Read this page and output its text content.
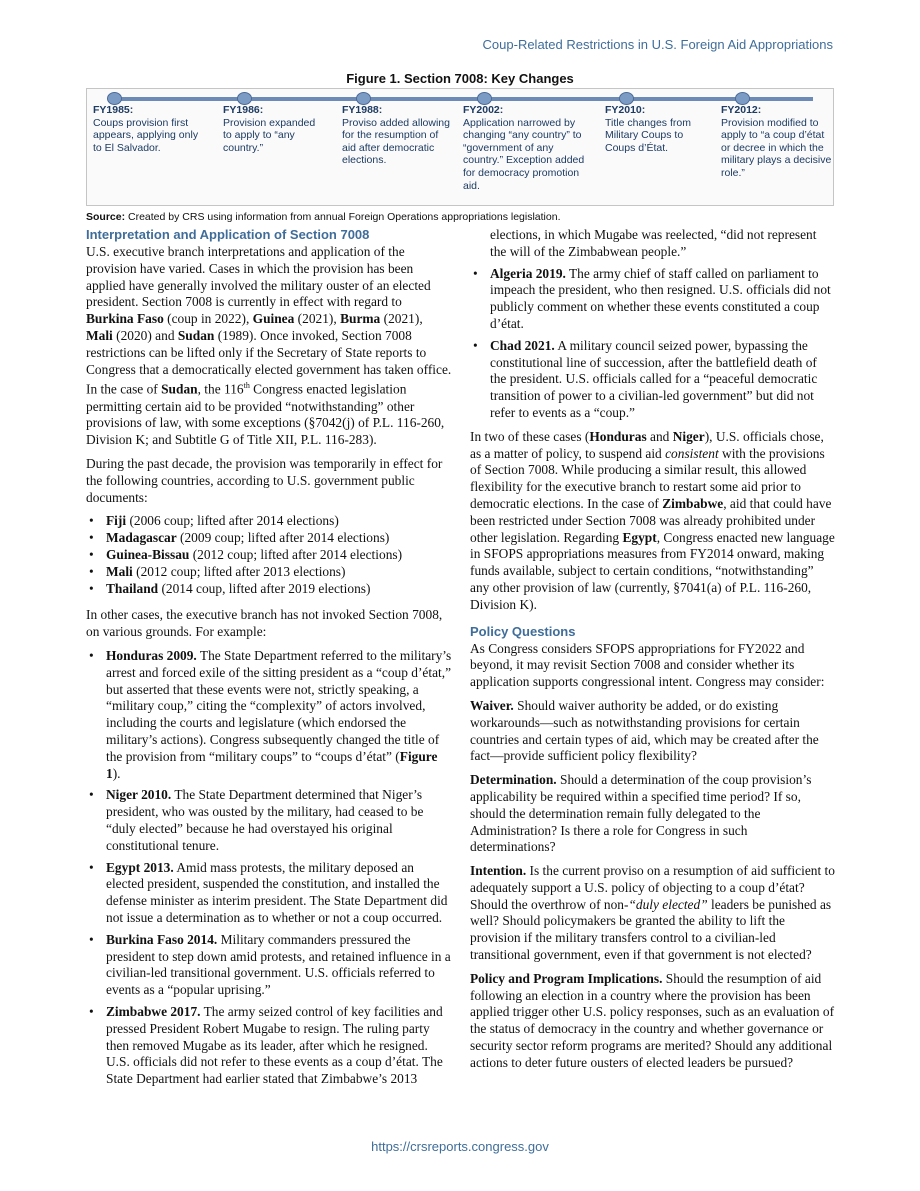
Coup-Related Restrictions in U.S. Foreign Aid Appropriations
Figure 1. Section 7008: Key Changes
FY1985:
Coups provision first appears, applying only to El Salvador.
FY1986:
Provision expanded to apply to “any country.”
FY1988:
Proviso added allowing for the resumption of aid after democratic elections.
FY2002:
Application narrowed by changing “any country” to “government of any country.” Exception added for democracy promotion aid.
FY2010:
Title changes from Military Coups to Coups d’État.
FY2012:
Provision modified to apply to “a coup d’état or decree in which the military plays a decisive role.”
Source: Created by CRS using information from annual Foreign Operations appropriations legislation.
Interpretation and Application of Section 7008

U.S. executive branch interpretations and application of the provision have varied. Cases in which the provision has been applied have generally involved the military ouster of an elected president. Section 7008 is currently in effect with regard to Burkina Faso (coup in 2022), Guinea (2021), Burma (2021), Mali (2020) and Sudan (1989). Once invoked, Section 7008 restrictions can be lifted only if the Secretary of State reports to Congress that a democratically elected government has taken office. In the case of Sudan, the 116th Congress enacted legislation permitting certain aid to be provided “notwithstanding” other provisions of law, with some exceptions (§7042(j) of P.L. 116-260, Division K; and Subtitle G of Title XII, P.L. 116-283).

During the past decade, the provision was temporarily in effect for the following countries, according to U.S. government public documents:

• Fiji (2006 coup; lifted after 2014 elections)
• Madagascar (2009 coup; lifted after 2014 elections)
• Guinea-Bissau (2012 coup; lifted after 2014 elections)
• Mali (2012 coup; lifted after 2013 elections)
• Thailand (2014 coup, lifted after 2019 elections)

In other cases, the executive branch has not invoked Section 7008, on various grounds. For example:

• Honduras 2009. The State Department referred to the military’s arrest and forced exile of the sitting president as a “coup d’état,” but asserted that these events were not, strictly speaking, a “military coup,” citing the “complexity” of actors involved, including the courts and legislature (which endorsed the military’s actions). Congress subsequently changed the title of the provision from “military coups” to “coups d’état” (Figure 1).
• Niger 2010. The State Department determined that Niger’s president, who was ousted by the military, had ceased to be “duly elected” because he had overstayed his original constitutional tenure.
• Egypt 2013. Amid mass protests, the military deposed an elected president, suspended the constitution, and installed the defense minister as interim president. The State Department did not issue a determination as to whether or not a coup occurred.
• Burkina Faso 2014. Military commanders pressured the president to step down amid protests, and retained influence in a civilian-led transitional government. U.S. officials referred to events as a “popular uprising.”
• Zimbabwe 2017. The army seized control of key facilities and pressed President Robert Mugabe to resign. The ruling party then removed Mugabe as its leader, after which he resigned. U.S. officials did not refer to these events as a coup d’état. The State Department had earlier stated that Zimbabwe’s 2013
elections, in which Mugabe was reelected, “did not represent the will of the Zimbabwean people.”
• Algeria 2019. The army chief of staff called on parliament to impeach the president, who then resigned. U.S. officials did not publicly comment on whether these events constituted a coup d’état.
• Chad 2021. A military council seized power, bypassing the constitutional line of succession, after the battlefield death of the president. U.S. officials called for a “peaceful democratic transition of power to a civilian-led government” but did not refer to events as a “coup.”

In two of these cases (Honduras and Niger), U.S. officials chose, as a matter of policy, to suspend aid consistent with the provisions of Section 7008. While producing a similar result, this allowed flexibility for the executive branch to restart some aid prior to democratic elections. In the case of Zimbabwe, aid that could have been restricted under Section 7008 was already prohibited under other legislation. Regarding Egypt, Congress enacted new language in SFOPS appropriations measures from FY2014 onward, making funds available, subject to certain conditions, “notwithstanding” any other provision of law (currently, §7041(a) of P.L. 116-260, Division K).

Policy Questions

As Congress considers SFOPS appropriations for FY2022 and beyond, it may revisit Section 7008 and consider whether its application supports congressional intent. Congress may consider:

Waiver. Should waiver authority be added, or do existing workarounds—such as notwithstanding provisions for certain countries and certain types of aid, which may be created after the fact—provide sufficient policy flexibility?

Determination. Should a determination of the coup provision’s applicability be required within a specified time period? If so, should the determination remain fully delegated to the Administration? Is there a role for Congress in such determinations?

Intention. Is the current proviso on a resumption of aid sufficient to adequately support a U.S. policy of objecting to a coup d’état? Should the overthrow of non-“duly elected” leaders be punished as well? Should policymakers be granted the ability to lift the provision if the military transfers control to a civilian-led transitional government, even if that government is not elected?

Policy and Program Implications. Should the resumption of aid following an election in a country where the provision has been applied trigger other U.S. policy responses, such as an evaluation of the status of democracy in the country and whether governance or security sector reform programs are merited? Should any additional actions to deter future ousters of elected leaders be pursued?

https://crsreports.congress.gov
